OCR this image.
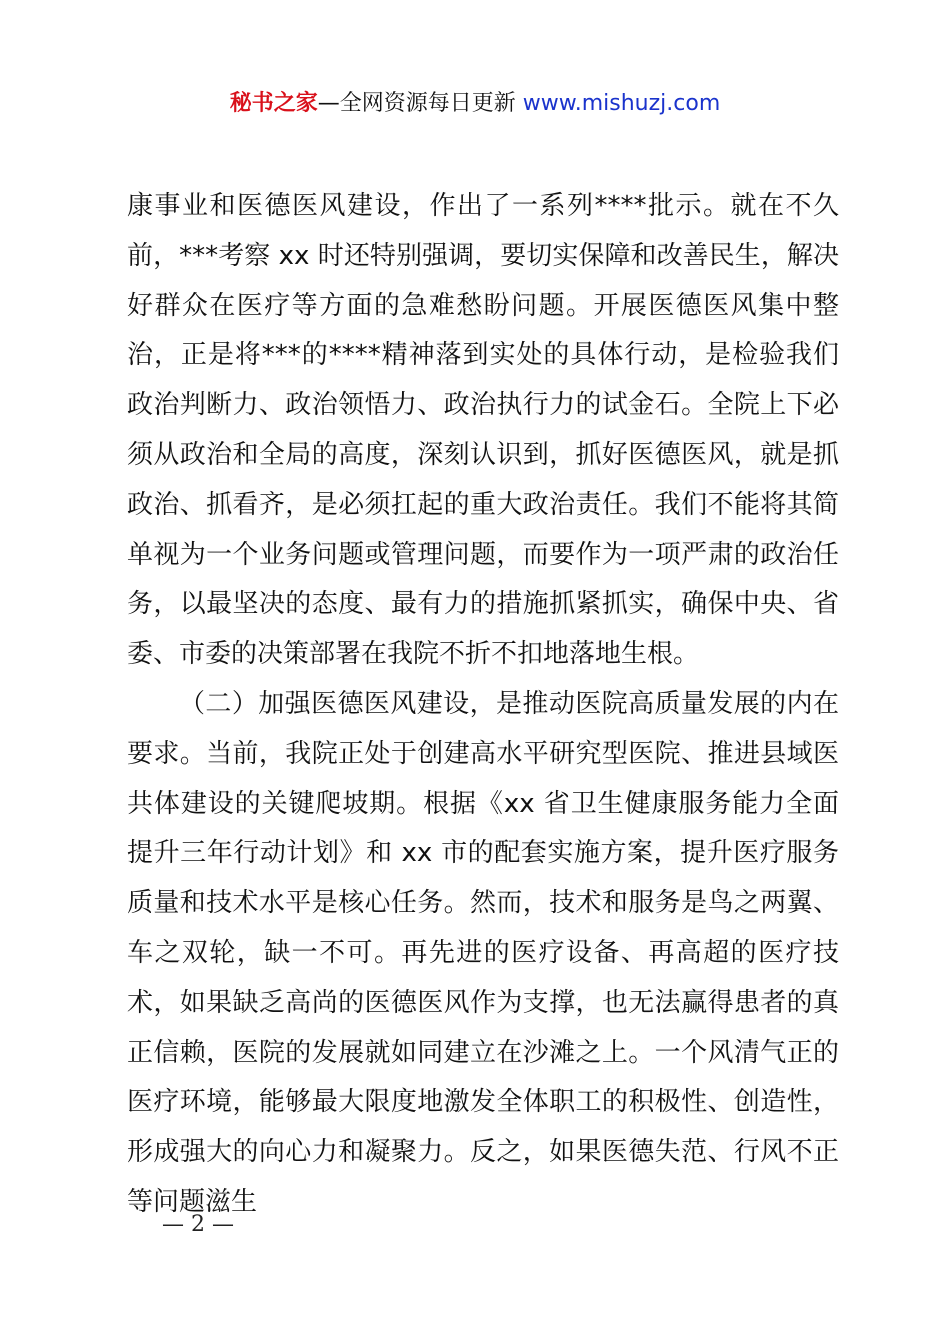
秘书之家—全网资源每日更新 www.mishuzj.com

康事业和医德医风建设，作出了一系列****批示。就在不久前，***考察 xx 时还特别强调，要切实保障和改善民生，解决好群众在医疗等方面的急难愁盼问题。开展医德医风集中整治，正是将***的****精神落到实处的具体行动，是检验我们政治判断力、政治领悟力、政治执行力的试金石。全院上下必须从政治和全局的高度，深刻认识到，抓好医德医风，就是抓政治、抓看齐，是必须扛起的重大政治责任。我们不能将其简单视为一个业务问题或管理问题，而要作为一项严肃的政治任务，以最坚决的态度、最有力的措施抓紧抓实，确保中央、省委、市委的决策部署在我院不折不扣地落地生根。

（二）加强医德医风建设，是推动医院高质量发展的内在要求。当前，我院正处于创建高水平研究型医院、推进县域医共体建设的关键爬坡期。根据《xx 省卫生健康服务能力全面提升三年行动计划》和 xx 市的配套实施方案，提升医疗服务质量和技术水平是核心任务。然而，技术和服务是鸟之两翼、车之双轮，缺一不可。再先进的医疗设备、再高超的医疗技术，如果缺乏高尚的医德医风作为支撑，也无法赢得患者的真正信赖，医院的发展就如同建立在沙滩之上。一个风清气正的医疗环境，能够最大限度地激发全体职工的积极性、创造性，形成强大的向心力和凝聚力。反之，如果医德失范、行风不正等问题滋生

— 2 —
